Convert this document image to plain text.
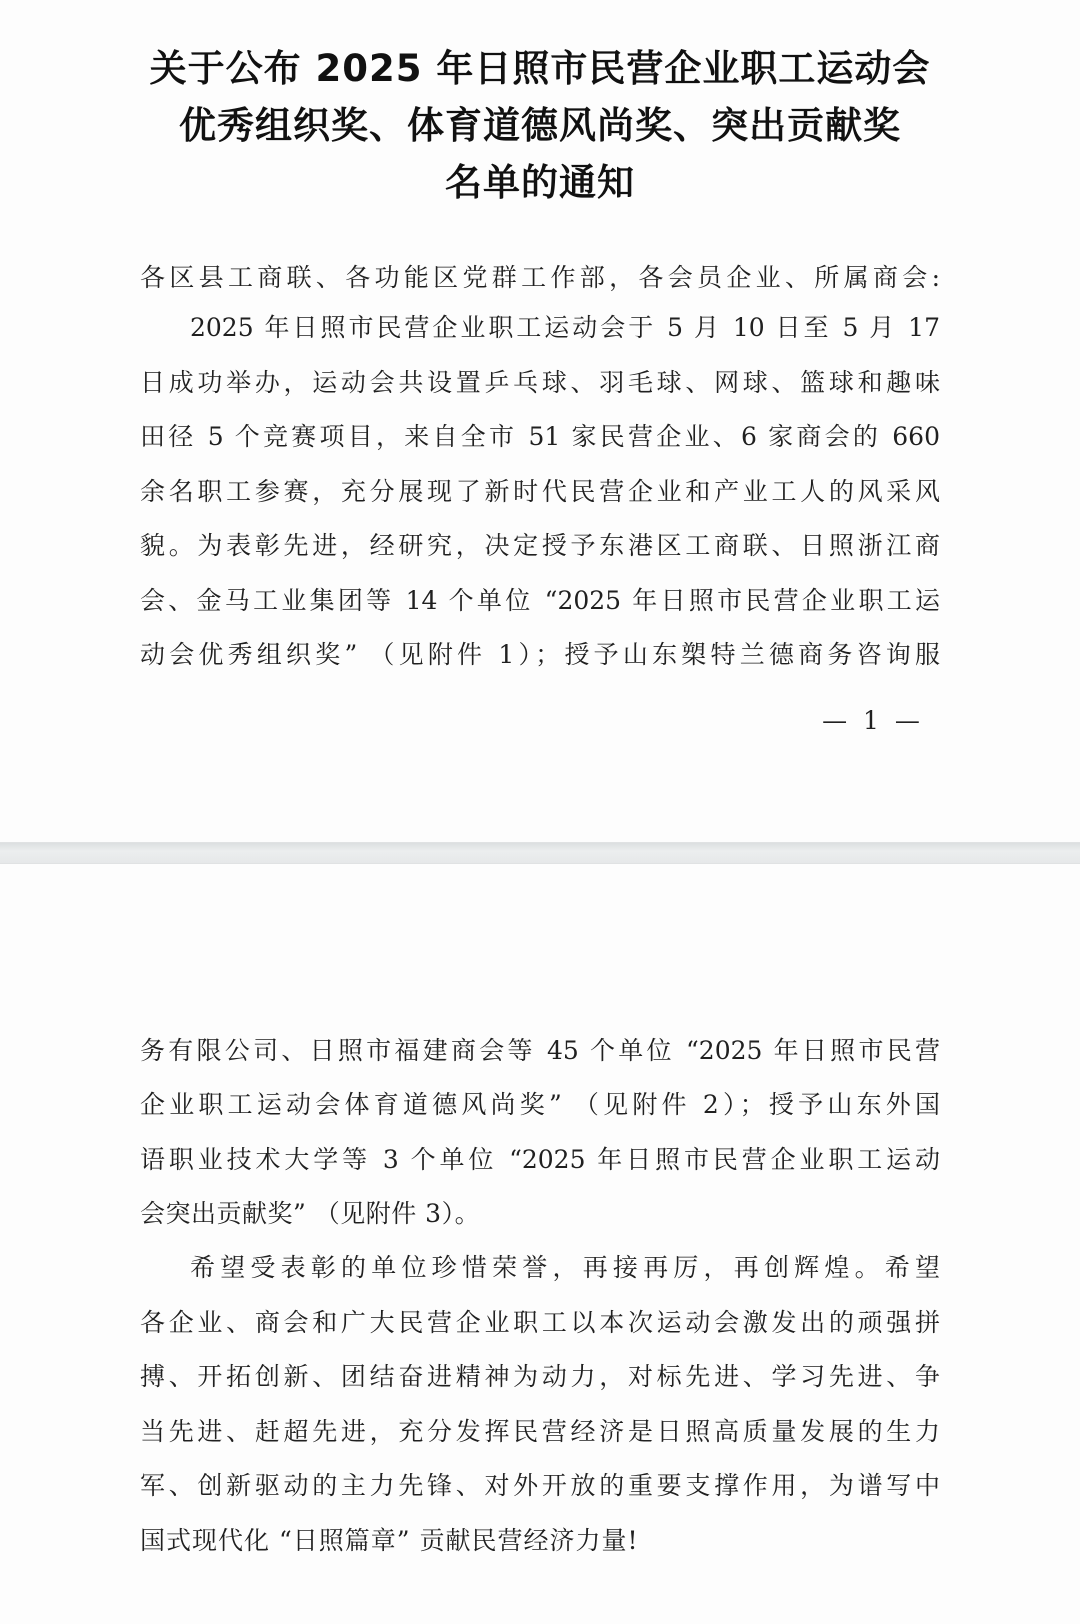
关于公布 2025 年日照市民营企业职工运动会
优秀组织奖、体育道德风尚奖、突出贡献奖
名单的通知
各区县工商联、各功能区党群工作部，各会员企业、所属商会:
2025 年日照市民营企业职工运动会于 5 月 10 日至 5 月 17
日成功举办，运动会共设置乒乓球、羽毛球、网球、篮球和趣味
田径 5 个竞赛项目，来自全市 51 家民营企业、6 家商会的 660
余名职工参赛，充分展现了新时代民营企业和产业工人的风采风
貌。为表彰先进，经研究，决定授予东港区工商联、日照浙江商
会、金马工业集团等 14 个单位 “2025 年日照市民营企业职工运
动会优秀组织奖” （见附件 1）；授予山东槊特兰德商务咨询服
— 1 —
务有限公司、日照市福建商会等 45 个单位 “2025 年日照市民营
企业职工运动会体育道德风尚奖” （见附件 2）；授予山东外国
语职业技术大学等 3 个单位 “2025 年日照市民营企业职工运动
会突出贡献奖” （见附件 3）。
希望受表彰的单位珍惜荣誉，再接再厉，再创辉煌。希望
各企业、商会和广大民营企业职工以本次运动会激发出的顽强拼
搏、开拓创新、团结奋进精神为动力，对标先进、学习先进、争
当先进、赶超先进，充分发挥民营经济是日照高质量发展的生力
军、创新驱动的主力先锋、对外开放的重要支撑作用，为谱写中
国式现代化 “日照篇章” 贡献民营经济力量!
